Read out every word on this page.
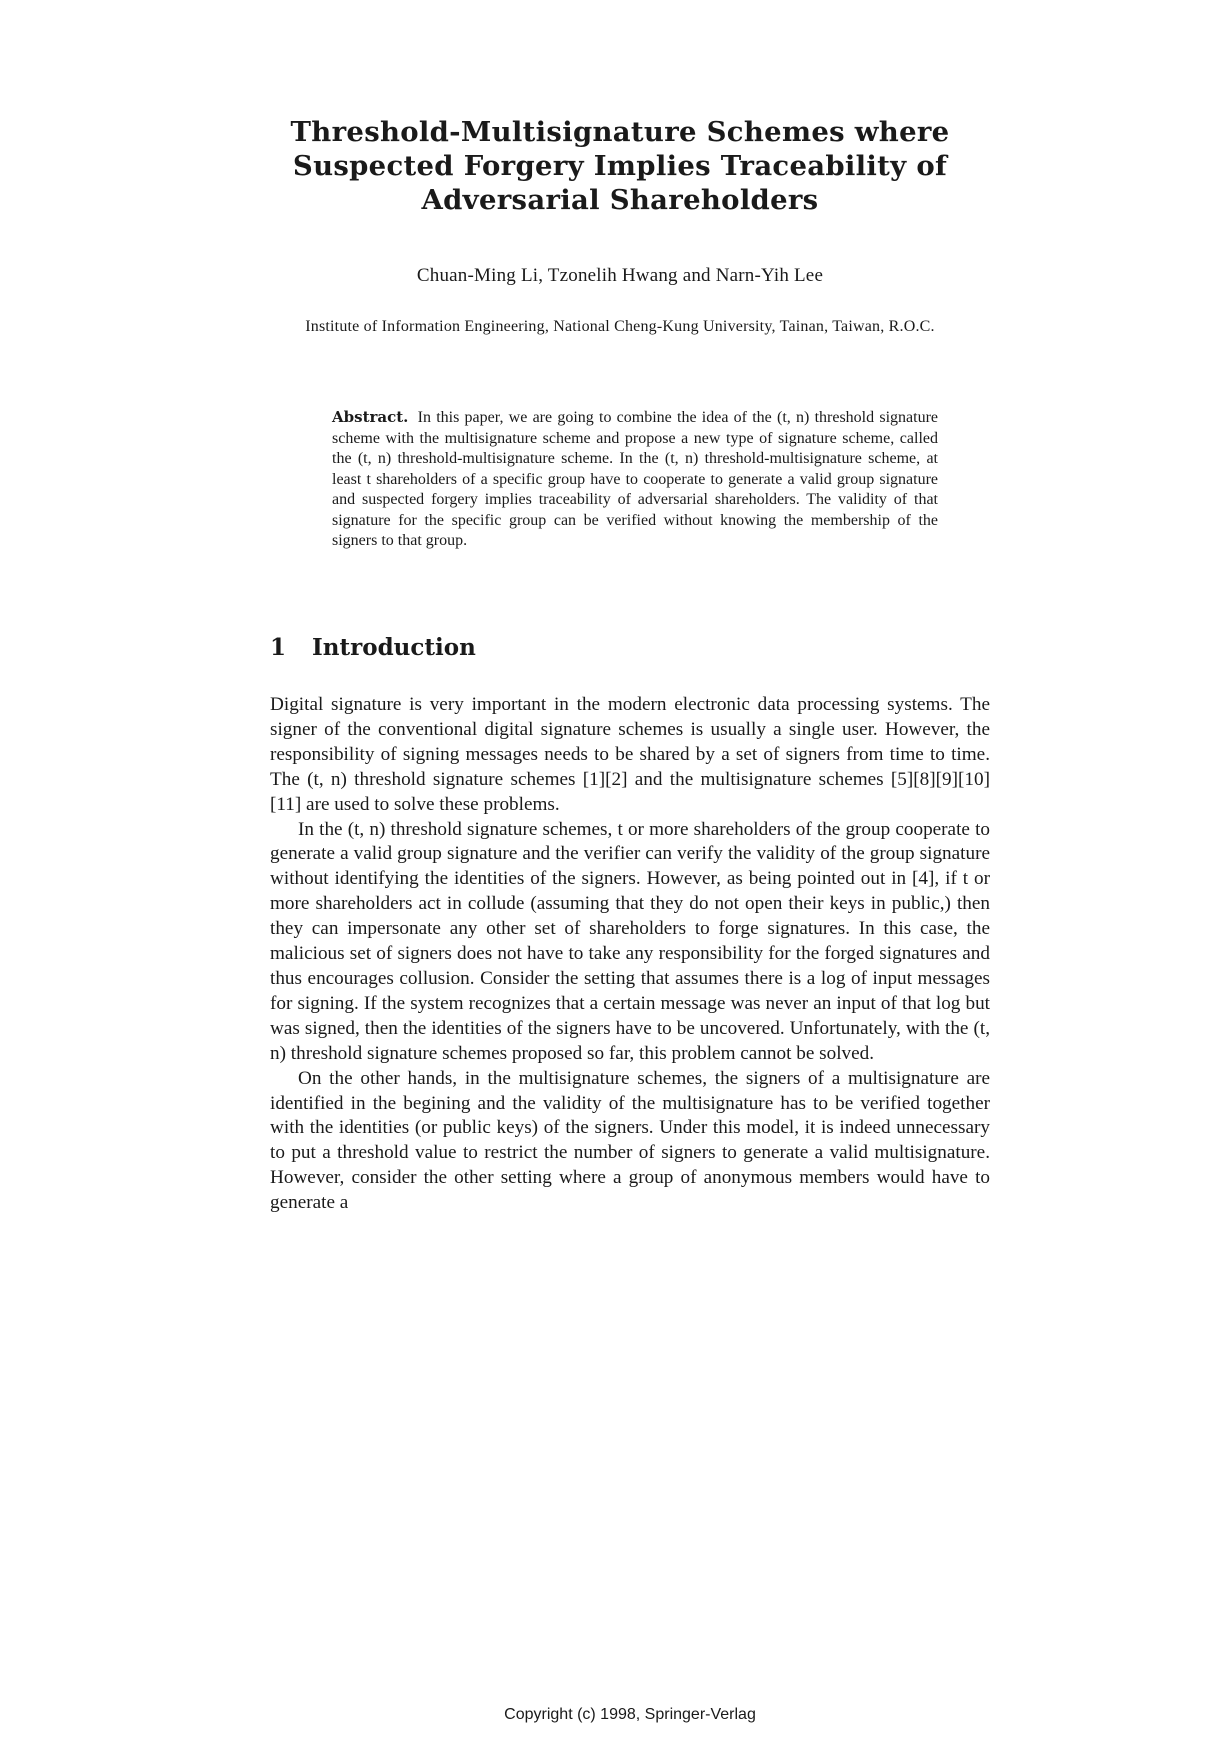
Threshold-Multisignature Schemes where Suspected Forgery Implies Traceability of Adversarial Shareholders
Chuan-Ming Li, Tzonelih Hwang and Narn-Yih Lee
Institute of Information Engineering, National Cheng-Kung University, Tainan, Taiwan, R.O.C.
Abstract. In this paper, we are going to combine the idea of the (t, n) threshold signature scheme with the multisignature scheme and propose a new type of signature scheme, called the (t, n) threshold-multisignature scheme. In the (t, n) threshold-multisignature scheme, at least t shareholders of a specific group have to cooperate to generate a valid group signature and suspected forgery implies traceability of adversarial shareholders. The validity of that signature for the specific group can be verified without knowing the membership of the signers to that group.
1 Introduction

Digital signature is very important in the modern electronic data processing systems. The signer of the conventional digital signature schemes is usually a single user. However, the responsibility of signing messages needs to be shared by a set of signers from time to time. The (t, n) threshold signature schemes [1][2] and the multisignature schemes [5][8][9][10][11] are used to solve these problems.

In the (t, n) threshold signature schemes, t or more shareholders of the group cooperate to generate a valid group signature and the verifier can verify the validity of the group signature without identifying the identities of the signers. However, as being pointed out in [4], if t or more shareholders act in collude (assuming that they do not open their keys in public,) then they can impersonate any other set of shareholders to forge signatures. In this case, the malicious set of signers does not have to take any responsibility for the forged signatures and thus encourages collusion. Consider the setting that assumes there is a log of input messages for signing. If the system recognizes that a certain message was never an input of that log but was signed, then the identities of the signers have to be uncovered. Unfortunately, with the (t, n) threshold signature schemes proposed so far, this problem cannot be solved.

On the other hands, in the multisignature schemes, the signers of a multisignature are identified in the begining and the validity of the multisignature has to be verified together with the identities (or public keys) of the signers. Under this model, it is indeed unnecessary to put a threshold value to restrict the number of signers to generate a valid multisignature. However, consider the other setting where a group of anonymous members would have to generate a

Copyright (c) 1998, Springer-Verlag
